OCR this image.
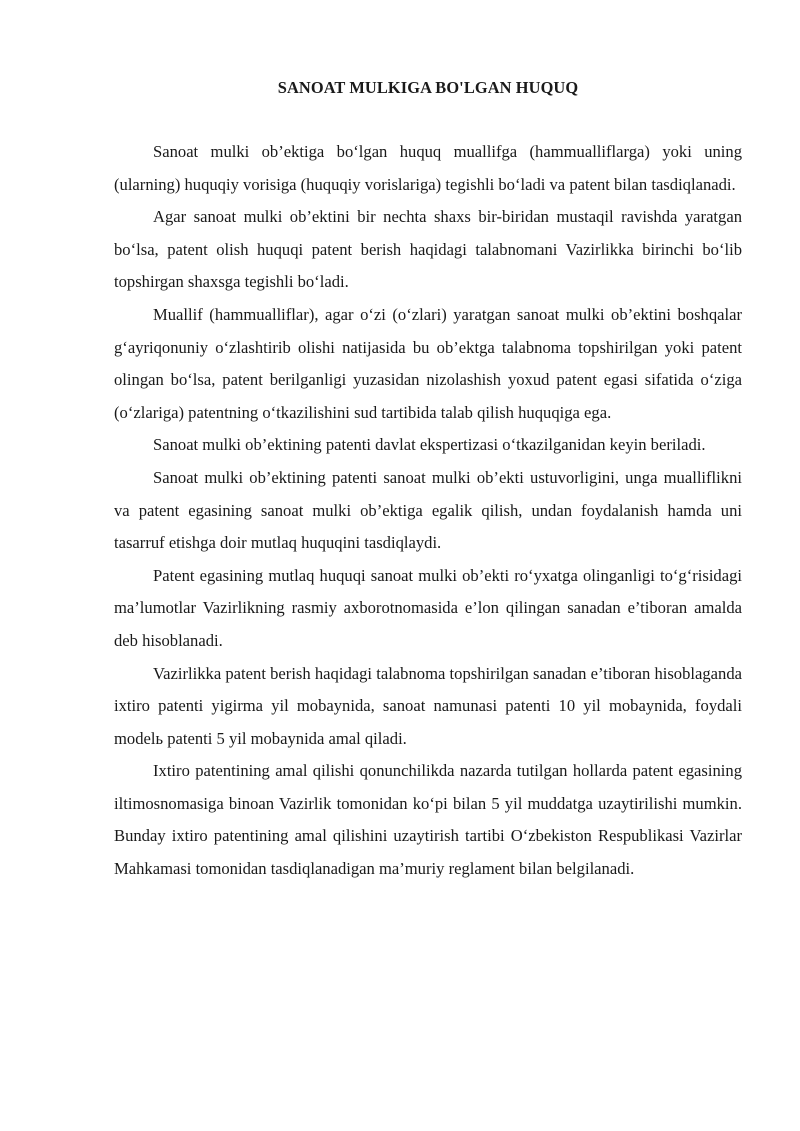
SANOAT MULKIGA BO'LGAN HUQUQ

Sanoat mulki ob’ektiga bo‘lgan huquq muallifga (hammualliflarga) yoki uning (ularning) huquqiy vorisiga (huquqiy vorislariga) tegishli bo‘ladi va patent bilan tasdiqlanadi.

Agar sanoat mulki ob’ektini bir nechta shaxs bir-biridan mustaqil ravishda yaratgan bo‘lsa, patent olish huquqi patent berish haqidagi talabnomani Vazirlikka birinchi bo‘lib topshirgan shaxsga tegishli bo‘ladi.

Muallif (hammualliflar), agar o‘zi (o‘zlari) yaratgan sanoat mulki ob’ektini boshqalar g‘ayriqonuniy o‘zlashtirib olishi natijasida bu ob’ektga talabnoma topshirilgan yoki patent olingan bo‘lsa, patent berilganligi yuzasidan nizolashish yoxud patent egasi sifatida o‘ziga (o‘zlariga) patentning o‘tkazilishini sud tartibida talab qilish huquqiga ega.

Sanoat mulki ob’ektining patenti davlat ekspertizasi o‘tkazilganidan keyin beriladi.

Sanoat mulki ob’ektining patenti sanoat mulki ob’ekti ustuvorligini, unga mualliflikni va patent egasining sanoat mulki ob’ektiga egalik qilish, undan foydalanish hamda uni tasarruf etishga doir mutlaq huquqini tasdiqlaydi.

Patent egasining mutlaq huquqi sanoat mulki ob’ekti ro‘yxatga olinganligi to‘g‘risidagi ma’lumotlar Vazirlikning rasmiy axborotnomasida e’lon qilingan sanadan e’tiboran amalda deb hisoblanadi.

Vazirlikka patent berish haqidagi talabnoma topshirilgan sanadan e’tiboran hisoblaganda ixtiro patenti yigirma yil mobaynida, sanoat namunasi patenti 10 yil mobaynida, foydali modelь patenti 5 yil mobaynida amal qiladi.

Ixtiro patentining amal qilishi qonunchilikda nazarda tutilgan hollarda patent egasining iltimosnomasiga binoan Vazirlik tomonidan ko‘pi bilan 5 yil muddatga uzaytirilishi mumkin. Bunday ixtiro patentining amal qilishini uzaytirish tartibi O‘zbekiston Respublikasi Vazirlar Mahkamasi tomonidan tasdiqlanadigan ma’muriy reglament bilan belgilanadi.
